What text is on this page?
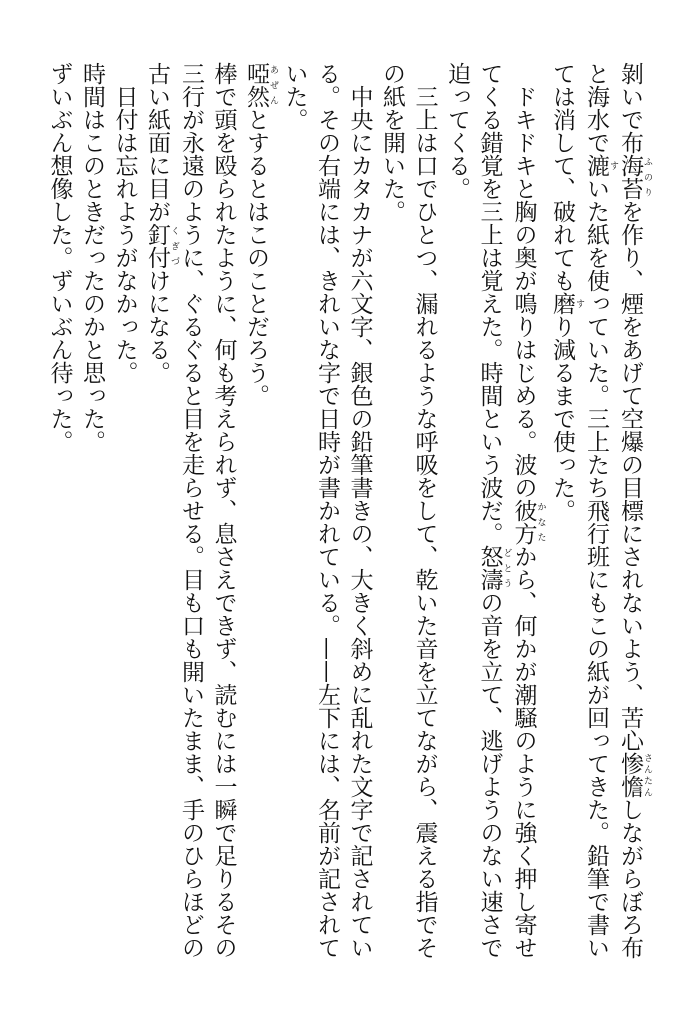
剝いで布海苔 ふのりを作り、煙をあげて空爆の目標にされないよう、苦心惨憺 さんたんしながらぼろ布と海水で漉 すいた紙を使っていた。三上たち飛行班にもこの紙が回ってきた。鉛筆で書いては消して、破れても磨 すり減るまで使った。

ドキドキと胸の奥が鳴りはじめる。波の彼方 かなたから、何かが潮騒のように強く押し寄せてくる錯覚を三上は覚えた。時間という波だ。怒濤 どとうの音を立て、逃げようのない速さで迫ってくる。

三上は口でひとつ、漏れるような呼吸をして、乾いた音を立てながら、震える指でその紙を開いた。

中央にカタカナが六文字、銀色の鉛筆書きの、大きく斜めに乱れた文字で記されている。その右端には、きれいな字で日時が書かれている。——左下には、名前が記されていた。

啞然 あぜんとするとはこのことだろう。

棒で頭を殴られたように、何も考えられず、息さえできず、読むには一瞬で足りるその三行が永遠のように、ぐるぐると目を走らせる。目も口も開いたまま、手のひらほどの古い紙面に目が釘付 くぎづけになる。

日付は忘れようがなかった。

時間はこのときだったのかと思った。

ずいぶん想像した。ずいぶん待った。
